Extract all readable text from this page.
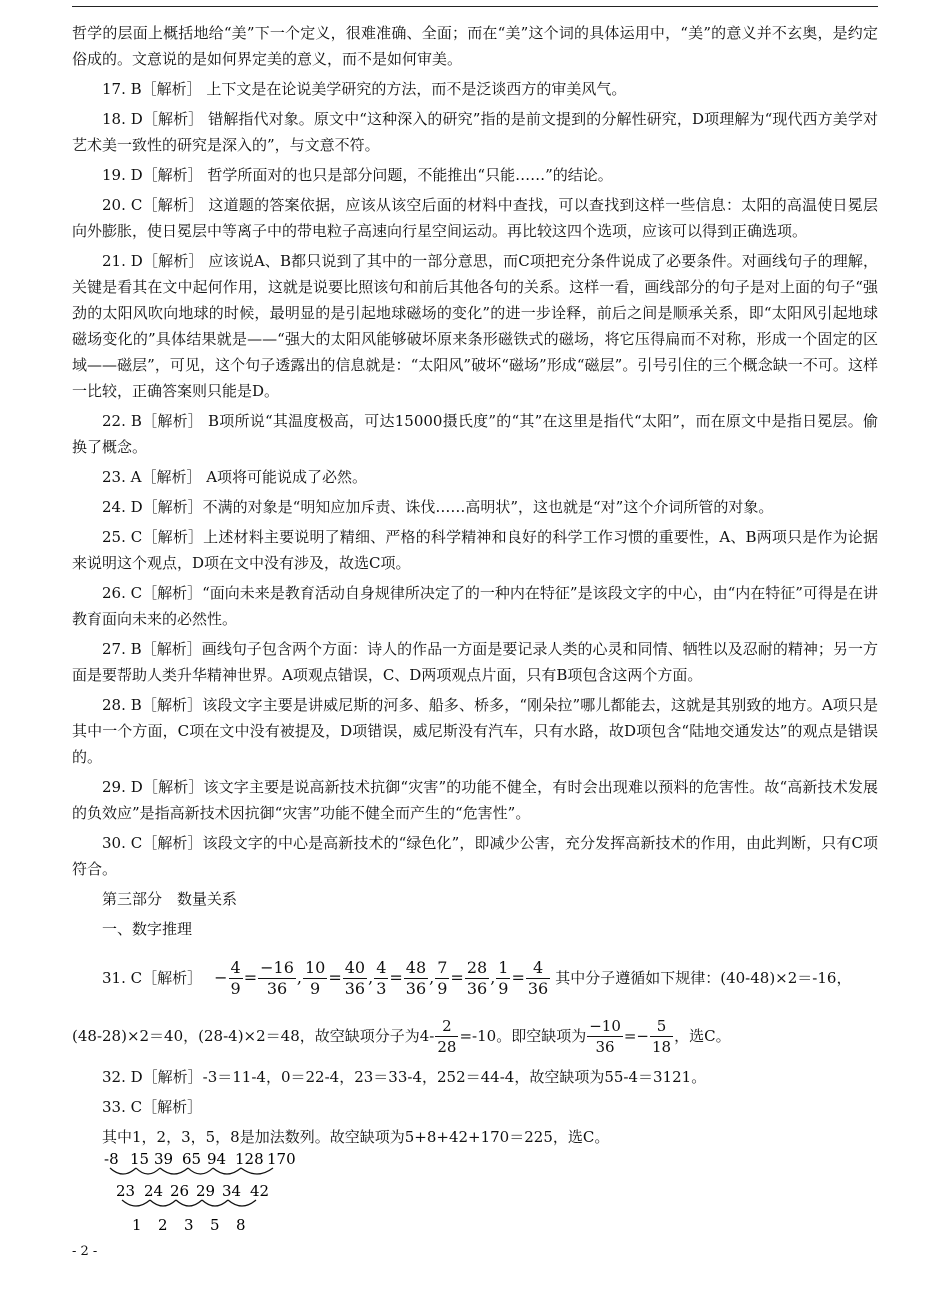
哲学的层面上概括地给“美”下一个定义，很难准确、全面；而在“美”这个词的具体运用中，“美”的意义并不玄奥，是约定俗成的。文意说的是如何界定美的意义，而不是如何审美。

17. B［解析］ 上下文是在论说美学研究的方法，而不是泛谈西方的审美风气。

18. D［解析］ 错解指代对象。原文中“这种深入的研究”指的是前文提到的分解性研究，D项理解为“现代西方美学对艺术美一致性的研究是深入的”，与文意不符。

19. D［解析］ 哲学所面对的也只是部分问题，不能推出“只能……”的结论。

20. C［解析］ 这道题的答案依据，应该从该空后面的材料中查找，可以查找到这样一些信息：太阳的高温使日冕层向外膨胀，使日冕层中等离子中的带电粒子高速向行星空间运动。再比较这四个选项，应该可以得到正确选项。

21. D［解析］ 应该说A、B都只说到了其中的一部分意思，而C项把充分条件说成了必要条件。对画线句子的理解，关键是看其在文中起何作用，这就是说要比照该句和前后其他各句的关系。这样一看，画线部分的句子是对上面的句子“强劲的太阳风吹向地球的时候，最明显的是引起地球磁场的变化”的进一步诠释，前后之间是顺承关系，即“太阳风引起地球磁场变化的”具体结果就是——“强大的太阳风能够破坏原来条形磁铁式的磁场，将它压得扁而不对称，形成一个固定的区域——磁层”，可见，这个句子透露出的信息就是：“太阳风”破坏“磁场”形成“磁层”。引号引住的三个概念缺一不可。这样一比较，正确答案则只能是D。

22. B［解析］ B项所说“其温度极高，可达15000摄氏度”的“其”在这里是指代“太阳”，而在原文中是指日冕层。偷换了概念。

23. A［解析］ A项将可能说成了必然。

24. D［解析］不满的对象是“明知应加斥责、诛伐……高明状”，这也就是“对”这个介词所管的对象。

25. C［解析］上述材料主要说明了精细、严格的科学精神和良好的科学工作习惯的重要性，A、B两项只是作为论据来说明这个观点，D项在文中没有涉及，故选C项。

26. C［解析］“面向未来是教育活动自身规律所决定了的一种内在特征”是该段文字的中心，由“内在特征”可得是在讲教育面向未来的必然性。

27. B［解析］画线句子包含两个方面：诗人的作品一方面是要记录人类的心灵和同情、牺牲以及忍耐的精神；另一方面是要帮助人类升华精神世界。A项观点错误，C、D两项观点片面，只有B项包含这两个方面。

28. B［解析］该段文字主要是讲威尼斯的河多、船多、桥多，“刚朵拉”哪儿都能去，这就是其别致的地方。A项只是其中一个方面，C项在文中没有被提及，D项错误，威尼斯没有汽车，只有水路，故D项包含“陆地交通发达”的观点是错误的。

29. D［解析］该文字主要是说高新技术抗御“灾害”的功能不健全，有时会出现难以预料的危害性。故“高新技术发展的负效应”是指高新技术因抗御“灾害”功能不健全而产生的“危害性”。

30. C［解析］该段文字的中心是高新技术的“绿色化”，即减少公害，充分发挥高新技术的作用，由此判断，只有C项符合。

第三部分　数量关系

一、数字推理

31. C［解析］ − $\frac{4}{9} = \frac{-16}{36}$ , $\frac{10}{9} = \frac{40}{36}$ , $\frac{4}{3} = \frac{48}{36}$ , $\frac{7}{9} = \frac{28}{36}$ , $\frac{1}{9} = \frac{4}{36}$ 其中分子遵循如下规律：(40-48)×2＝-16，
(48-28)×2＝40，(28-4)×2＝48，故空缺项分子为$4- \frac{2}{28} =-10$。即空缺项为 $\frac{-10}{36} =- \frac{5}{18}$ ，选C。

32. D［解析］-3＝11-4，0＝22-4，23＝33-4，252＝44-4，故空缺项为55-4＝3121。

33. C［解析］

其中1，2，3，5，8是加法数列。故空缺项为5+8+42+170＝225，选C。

-8 15 39 65 94 128 170
23 24 26 29 34 42
1 2 3 5 8
- 2 -
